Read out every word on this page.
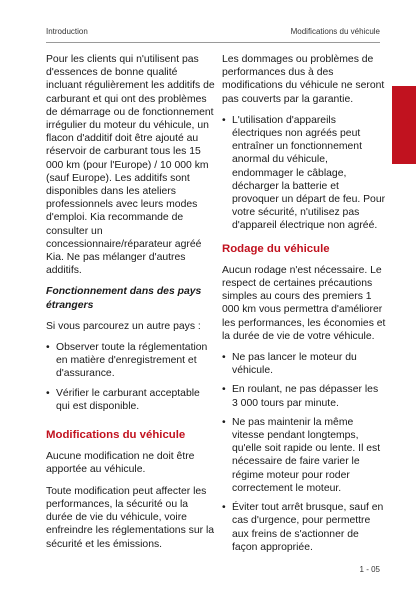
Introduction	Modifications du véhicule
1

Pour les clients qui n'utilisent pas d'essences de bonne qualité incluant régulièrement les additifs de carburant et qui ont des problèmes de démarrage ou de fonctionnement irrégulier du moteur du véhicule, un flacon d'additif doit être ajouté au réservoir de carburant tous les 15 000 km (pour l'Europe) / 10 000 km (sauf Europe). Les additifs sont disponibles dans les ateliers professionnels avec leurs modes d'emploi. Kia recommande de consulter un concessionnaire/réparateur agréé Kia. Ne pas mélanger d'autres additifs.

Fonctionnement dans des pays étrangers

Si vous parcourez un autre pays :

• Observer toute la réglementation en matière d'enregistrement et d'assurance.
• Vérifier le carburant acceptable qui est disponible.
Modifications du véhicule

Aucune modification ne doit être apportée au véhicule.

Toute modification peut affecter les performances, la sécurité ou la durée de vie du véhicule, voire enfreindre les réglementations sur la sécurité et les émissions.

Les dommages ou problèmes de performances dus à des modifications du véhicule ne seront pas couverts par la garantie.

• L'utilisation d'appareils électriques non agréés peut entraîner un fonctionnement anormal du véhicule, endommager le câblage, décharger la batterie et provoquer un départ de feu. Pour votre sécurité, n'utilisez pas d'appareil électrique non agréé.
Rodage du véhicule

Aucun rodage n'est nécessaire. Le respect de certaines précautions simples au cours des premiers 1 000 km vous permettra d'améliorer les performances, les économies et la durée de vie de votre véhicule.

• Ne pas lancer le moteur du véhicule.
• En roulant, ne pas dépasser les 3 000 tours par minute.
• Ne pas maintenir la même vitesse pendant longtemps, qu'elle soit rapide ou lente. Il est nécessaire de faire varier le régime moteur pour roder correctement le moteur.
• Éviter tout arrêt brusque, sauf en cas d'urgence, pour permettre aux freins de s'actionner de façon appropriée.
1 - 05
